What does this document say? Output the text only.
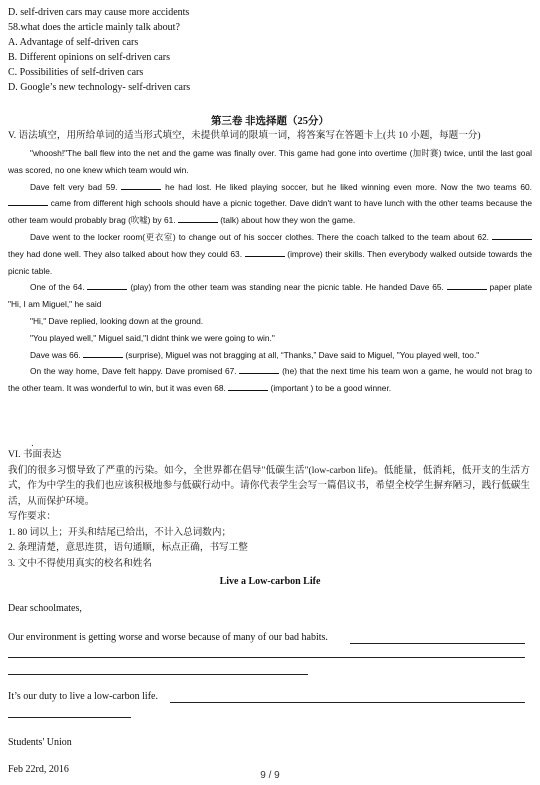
D. self-driven cars may cause more accidents
58.what does the article mainly talk about?
A. Advantage of self-driven cars
B. Different opinions on self-driven cars
C. Possibilities of self-driven cars
D. Google’s new technology- self-driven cars
第三卷 非选择题（25分）
V. 语法填空，用所给单词的适当形式填空，未提供单词的限填一词，将答案写在答题卡上(共 10 小题，每题一分)

"whoosh!"The ball flew into the net and the game was finally over. This game had gone into overtime (加时赛) twice, until the last goal was scored, no one knew which team would win.

Dave felt very bad 59.	he had lost. He liked playing soccer, but he liked winning even more. Now the two teams 60.  came from different high schools should have a picnic together. Dave didn't want to have lunch with the other teams because the other team would probably brag (吹嘘) by 61.	(talk) about how they won the game.

Dave went to the locker room(更衣室) to change out of his soccer clothes. There the coach talked to the team about 62.  they had done well. They also talked about how they could 63.	(improve) their skills. Then everybody walked outside towards the picnic table.

One of the 64.	(play) from the other team was standing near the picnic table. He handed Dave 65.	paper plate "Hi, I am Miguel," he said

"Hi," Dave replied, looking down at the ground.

"You played well," Miguel said,"I didnt think we were going to win."

Dave was 66.	(surprise), Miguel was not bragging at all, “Thanks,” Dave said to Miguel, "You played well, too."

On the way home, Dave felt happy. Dave promised 67.	(he) that the next time his team won a game, he would not brag to the other team. It was wonderful to win, but it was even 68.	(important ) to be a good winner.

.

VI. 书面表达

我们的很多习惯导致了严重的污染。如今，全世界都在倡导"低碳生活"(low-carbon life)。低能量，低消耗，低开支的生活方式，作为中学生的我们也应该积极地参与低碳行动中。请你代表学生会写一篇倡议书，希望全校学生摒弃陋习，践行低碳生活，从而保护环境。

写作要求：

1. 80 词以上；开头和结尾已给出，不计入总词数内；

2. 条理清楚，意思连贯，语句通顺，标点正确，书写工整

3. 文中不得使用真实的校名和姓名

Live a Low-carbon Life
Dear schoolmates,
Our environment is getting worse and worse because of many of our bad habits.
It’s our duty to live a low-carbon life.
Students' Union
Feb 22rd, 2016
9 / 9
